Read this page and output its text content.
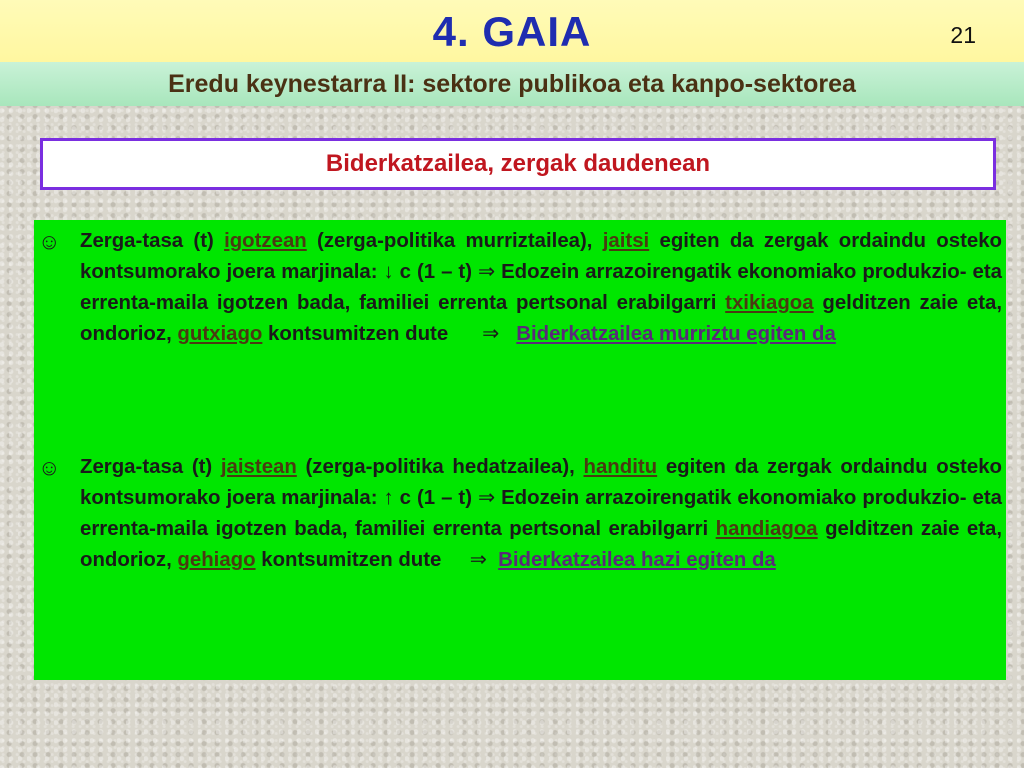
4. GAIA	21
Eredu keynestarra II: sektore publikoa eta kanpo-sektorea
Biderkatzailea, zergak daudenean
☺ Zerga-tasa (t) igotzean (zerga-politika murriztailea), jaitsi egiten da zergak ordaindu osteko kontsumorako joera marjinala: ↓ c (1 – t) ⇒ Edozein arrazoirengatik ekonomiako produkzio- eta errenta-maila igotzen bada, familiei errenta pertsonal erabilgarri txikiagoa gelditzen zaie eta, ondorioz, gutxiago kontsumitzen dute      ⇒ Biderkatzailea murriztu egiten da
☺ Zerga-tasa (t) jaistean (zerga-politika hedatzailea), handitu egiten da zergak ordaindu osteko kontsumorako joera marjinala: ↑ c (1 – t) ⇒ Edozein arrazoirengatik ekonomiako produkzio- eta errenta-maila igotzen bada, familiei errenta pertsonal erabilgarri handiagoa gelditzen zaie eta, ondorioz, gehiago kontsumitzen dute     ⇒ Biderkatzailea hazi egiten da
